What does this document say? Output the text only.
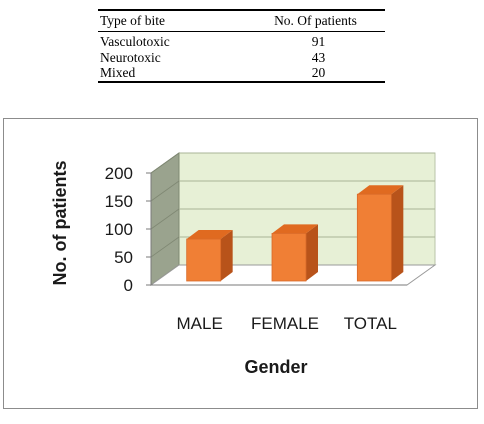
Type of bite	No. Of patients
Vasculotoxic	91
Neurotoxic	43
Mixed	20
0
50
100
150
200
MALE FEMALE TOTAL
Gender
No. of patients
